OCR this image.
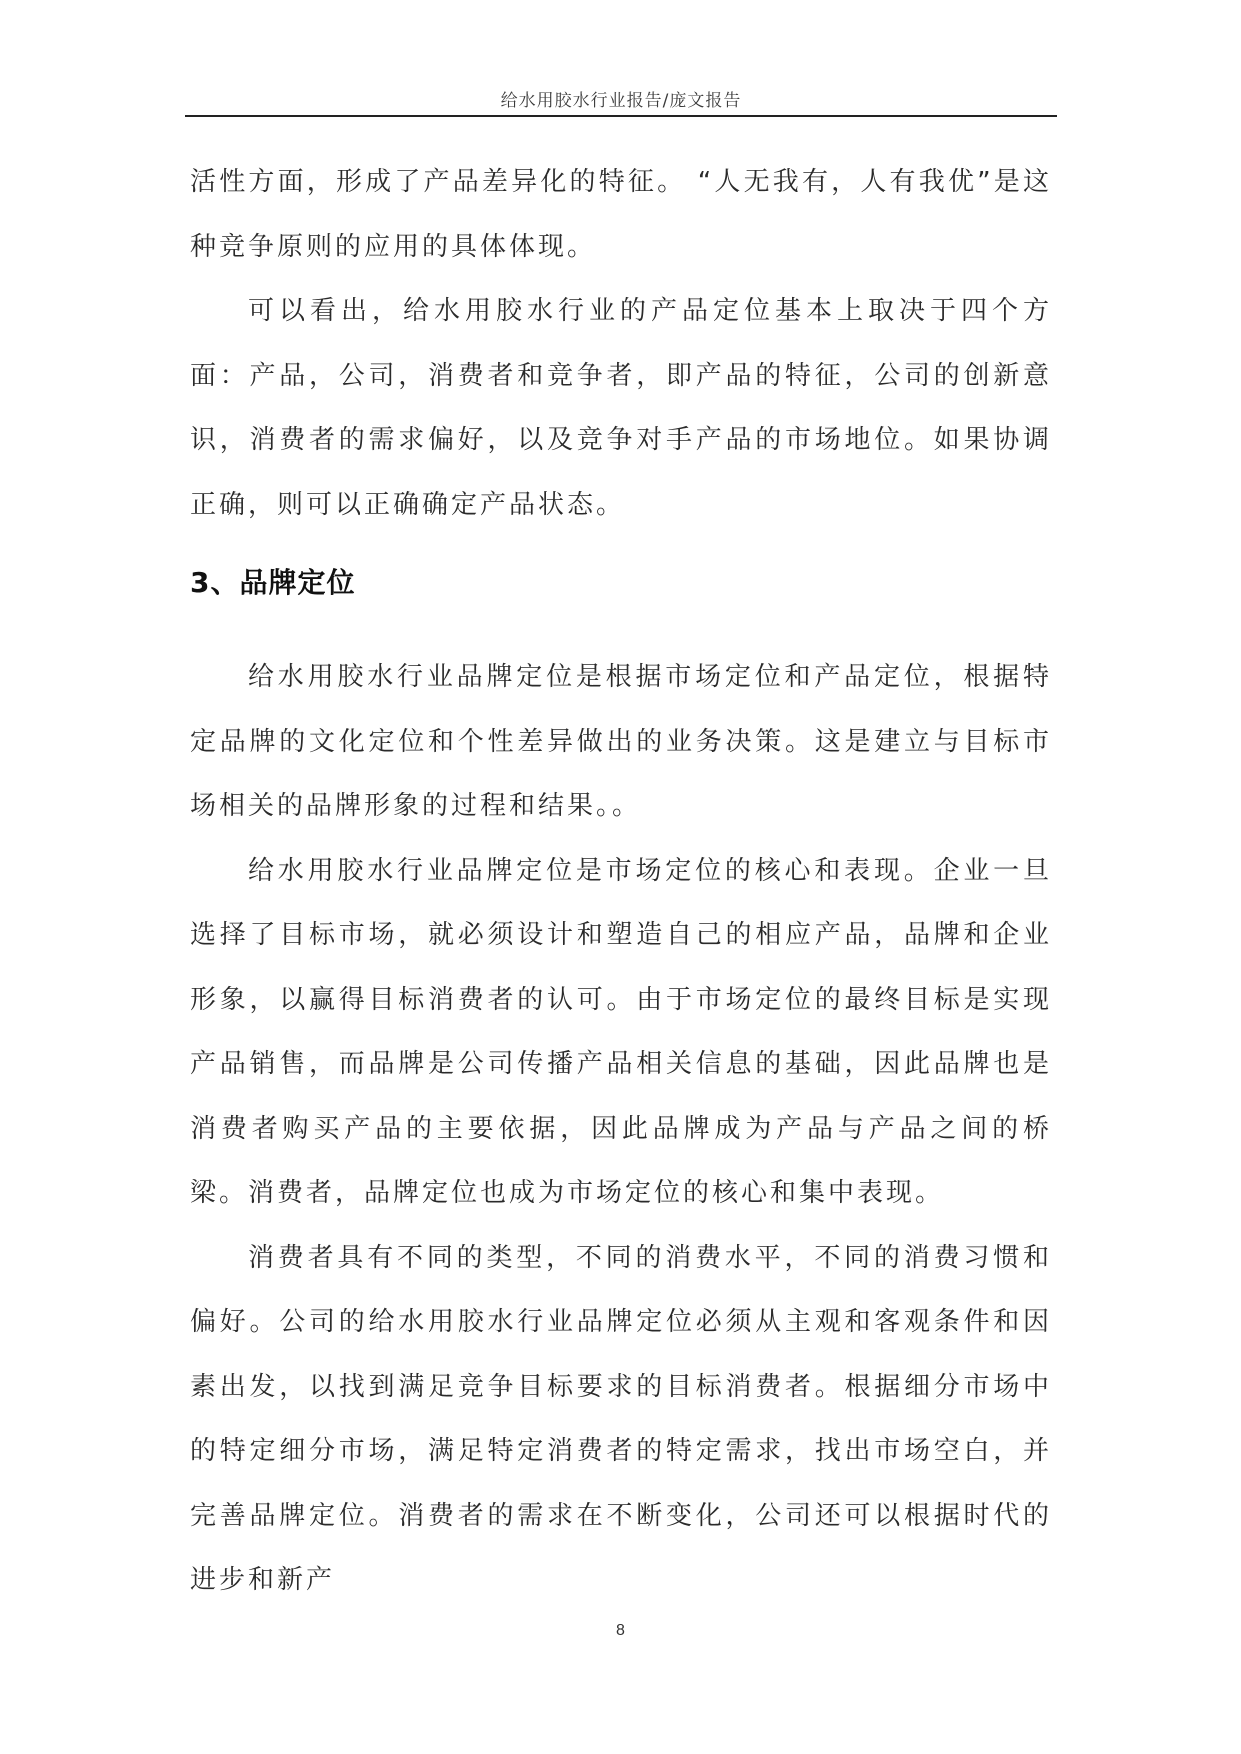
给水用胶水行业报告/庞文报告

活性方面，形成了产品差异化的特征。 “人无我有，人有我优”是这种竞争原则的应用的具体体现。

可以看出，给水用胶水行业的产品定位基本上取决于四个方面：产品，公司，消费者和竞争者，即产品的特征，公司的创新意识，消费者的需求偏好，以及竞争对手产品的市场地位。如果协调正确，则可以正确确定产品状态。

3、品牌定位

给水用胶水行业品牌定位是根据市场定位和产品定位，根据特定品牌的文化定位和个性差异做出的业务决策。这是建立与目标市场相关的品牌形象的过程和结果。。

给水用胶水行业品牌定位是市场定位的核心和表现。企业一旦选择了目标市场，就必须设计和塑造自己的相应产品，品牌和企业形象，以赢得目标消费者的认可。由于市场定位的最终目标是实现产品销售，而品牌是公司传播产品相关信息的基础，因此品牌也是消费者购买产品的主要依据，因此品牌成为产品与产品之间的桥梁。消费者，品牌定位也成为市场定位的核心和集中表现。

消费者具有不同的类型，不同的消费水平，不同的消费习惯和偏好。公司的给水用胶水行业品牌定位必须从主观和客观条件和因素出发，以找到满足竞争目标要求的目标消费者。根据细分市场中的特定细分市场，满足特定消费者的特定需求，找出市场空白，并完善品牌定位。消费者的需求在不断变化，公司还可以根据时代的进步和新产

8
